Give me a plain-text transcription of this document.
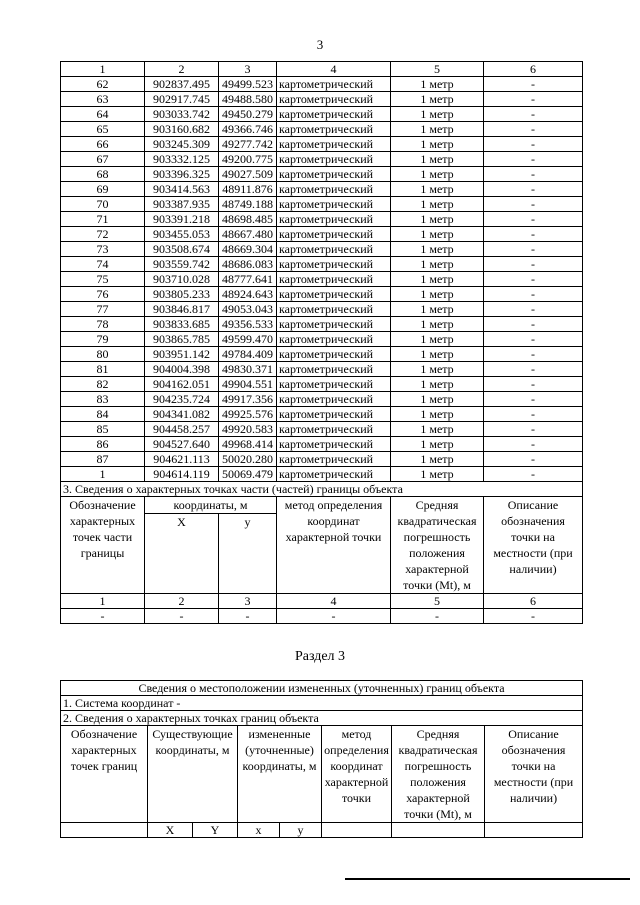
3
1	2	3	4	5	6
62	902837.495	49499.523	картометрический	1 метр	-
63	902917.745	49488.580	картометрический	1 метр	-
64	903033.742	49450.279	картометрический	1 метр	-
65	903160.682	49366.746	картометрический	1 метр	-
66	903245.309	49277.742	картометрический	1 метр	-
67	903332.125	49200.775	картометрический	1 метр	-
68	903396.325	49027.509	картометрический	1 метр	-
69	903414.563	48911.876	картометрический	1 метр	-
70	903387.935	48749.188	картометрический	1 метр	-
71	903391.218	48698.485	картометрический	1 метр	-
72	903455.053	48667.480	картометрический	1 метр	-
73	903508.674	48669.304	картометрический	1 метр	-
74	903559.742	48686.083	картометрический	1 метр	-
75	903710.028	48777.641	картометрический	1 метр	-
76	903805.233	48924.643	картометрический	1 метр	-
77	903846.817	49053.043	картометрический	1 метр	-
78	903833.685	49356.533	картометрический	1 метр	-
79	903865.785	49599.470	картометрический	1 метр	-
80	903951.142	49784.409	картометрический	1 метр	-
81	904004.398	49830.371	картометрический	1 метр	-
82	904162.051	49904.551	картометрический	1 метр	-
83	904235.724	49917.356	картометрический	1 метр	-
84	904341.082	49925.576	картометрический	1 метр	-
85	904458.257	49920.583	картометрический	1 метр	-
86	904527.640	49968.414	картометрический	1 метр	-
87	904621.113	50020.280	картометрический	1 метр	-
1	904614.119	50069.479	картометрический	1 метр	-
3. Сведения о характерных точках части (частей) границы объекта					
Обозначение характерных точек части границы	координаты, м		метод определения координат характерной точки	Средняя квадратическая погрешность положения характерной точки (Mt), м	Описание обозначения точки на местности (при наличии)
	X	у			
1	2	3	4	5	6
-	-	-	-	-	-
Раздел 3
Сведения о местоположении измененных (уточненных) границ объекта							
1. Система координат -							
2. Сведения о характерных точках границ объекта							
Обозначение характерных точек границ	Существующие координаты, м		измененные (уточненные) координаты, м		метод определения координат характерной точки	Средняя квадратическая погрешность положения характерной точки (Mt), м	Описание обозначения точки на местности (при наличии)
	X	Y	х	у			
